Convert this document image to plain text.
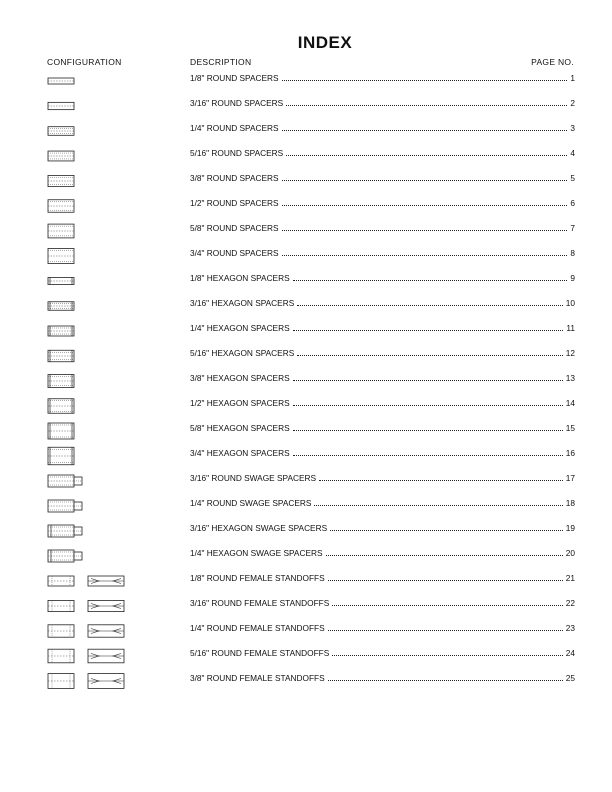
INDEX
CONFIGURATION	DESCRIPTION	PAGE NO.
1/8" ROUND SPACERS	1
3/16" ROUND SPACERS	2
1/4" ROUND SPACERS	3
5/16" ROUND SPACERS	4
3/8" ROUND SPACERS	5
1/2" ROUND SPACERS	6
5/8" ROUND SPACERS	7
3/4" ROUND SPACERS	8
1/8" HEXAGON SPACERS	9
3/16" HEXAGON SPACERS	10
1/4" HEXAGON SPACERS	11
5/16" HEXAGON SPACERS	12
3/8" HEXAGON SPACERS	13
1/2" HEXAGON SPACERS	14
5/8" HEXAGON SPACERS	15
3/4" HEXAGON SPACERS	16
3/16" ROUND SWAGE SPACERS	17
1/4" ROUND SWAGE SPACERS	18
3/16" HEXAGON SWAGE SPACERS	19
1/4" HEXAGON SWAGE SPACERS	20
1/8" ROUND FEMALE STANDOFFS	21
3/16" ROUND FEMALE STANDOFFS	22
1/4" ROUND FEMALE STANDOFFS	23
5/16" ROUND FEMALE STANDOFFS	24
3/8" ROUND FEMALE STANDOFFS	25
